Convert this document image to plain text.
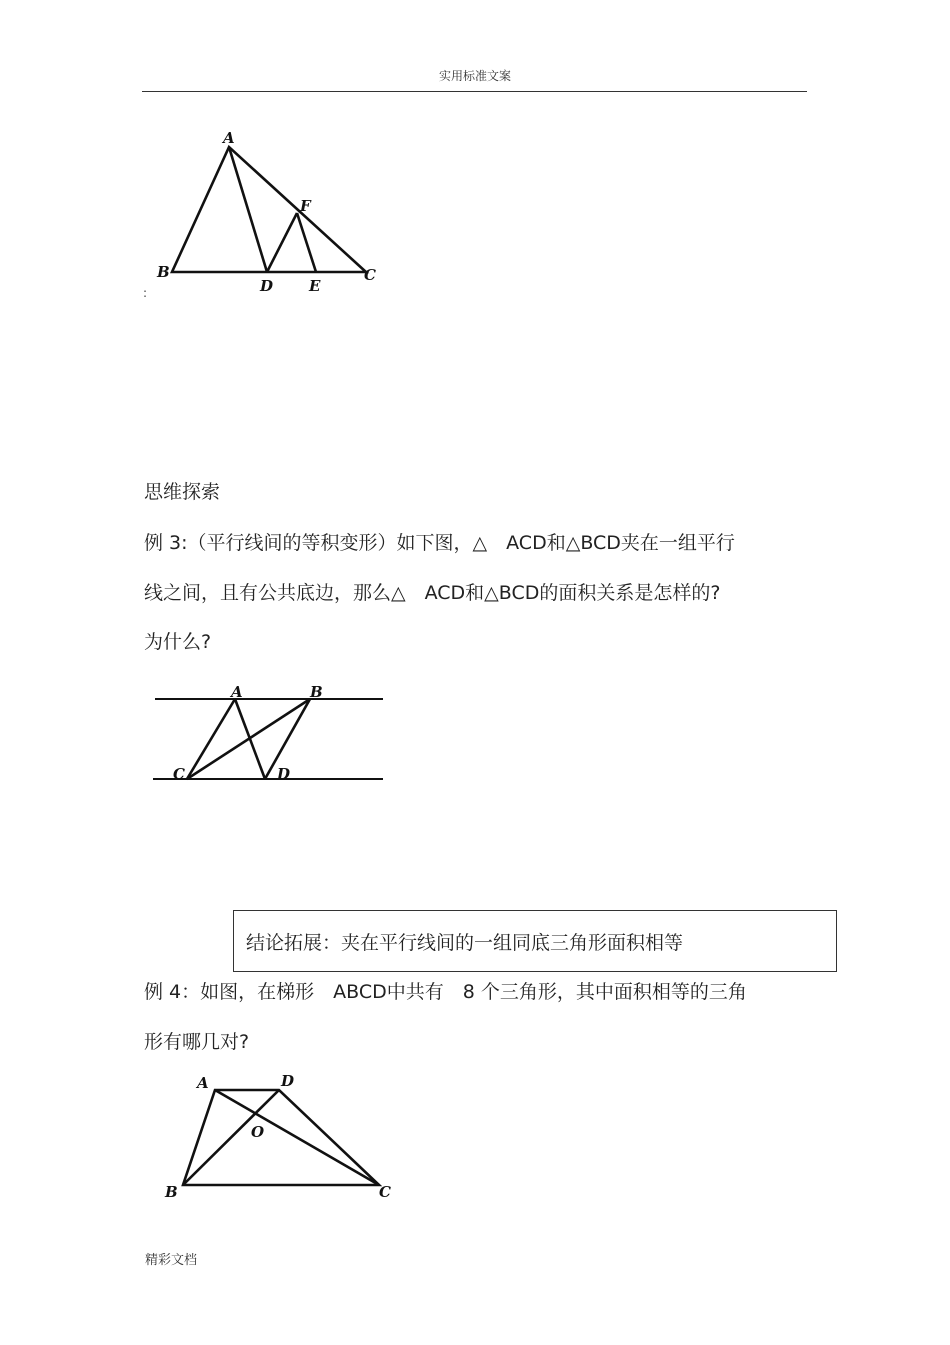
实用标准文案
A
B	C
D E
F
:
思维探索
例 3:（平行线间的等积变形）如下图，△　ACD和△BCD夹在一组平行
线之间，且有公共底边，那么△　ACD和△BCD的面积关系是怎样的?
为什么?
A	B
C	D
结论拓展：夹在平行线间的一组同底三角形面积相等
例 4：如图，在梯形　ABCD中共有　8 个三角形，其中面积相等的三角
形有哪几对?
A	D
O
B	C
精彩文档
